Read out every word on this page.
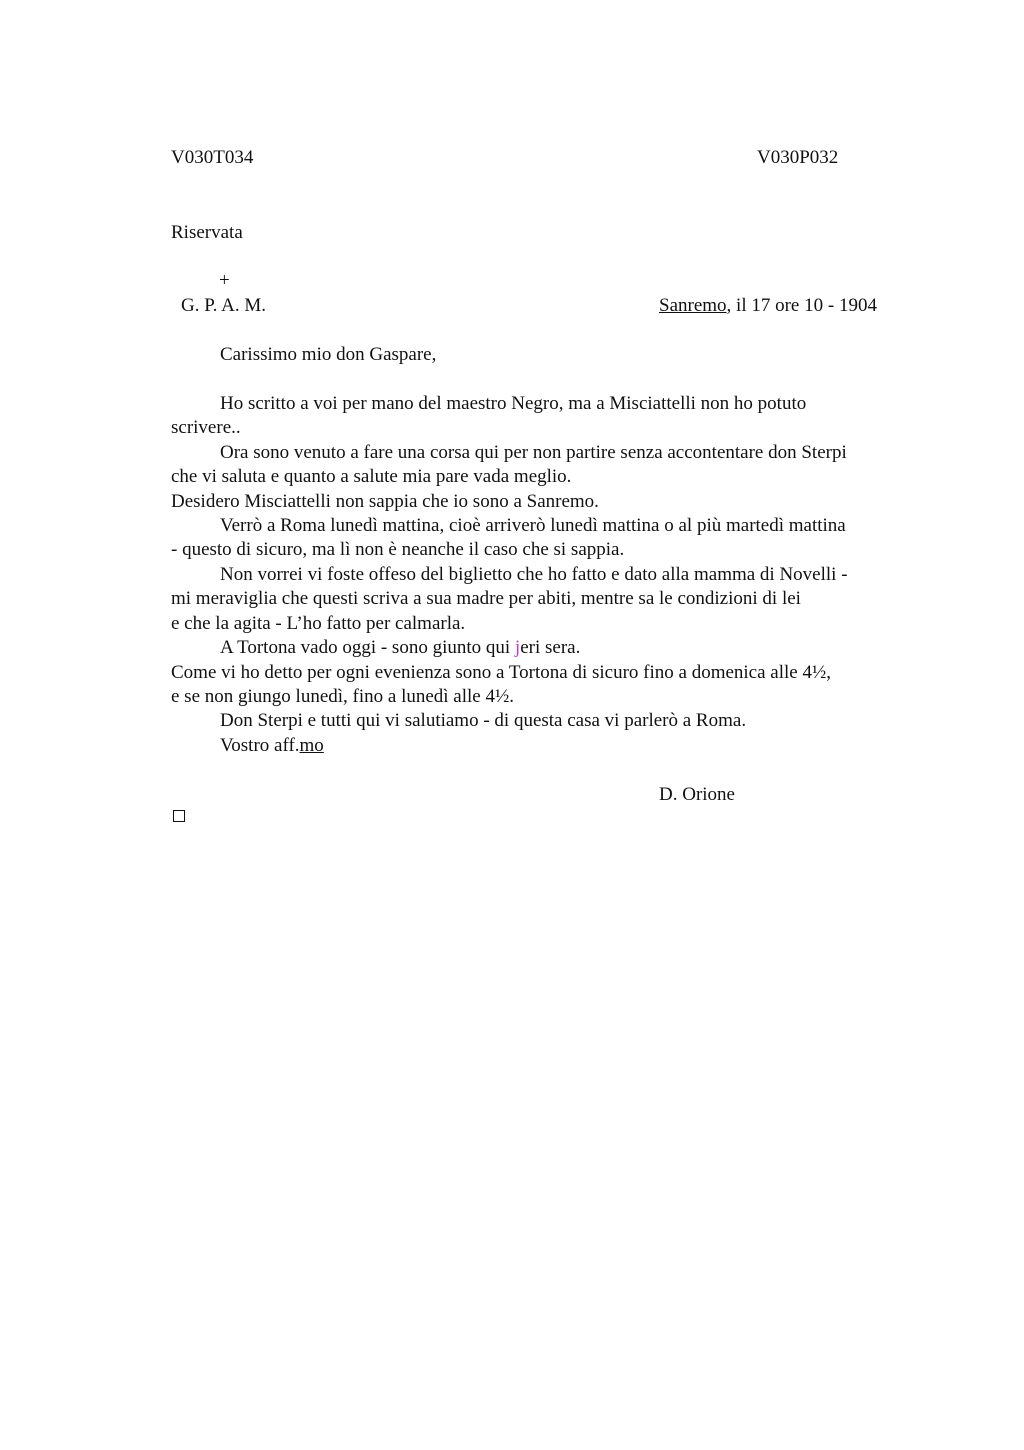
V030T034	V030P032
Riservata
+
G. P. A. M.	Sanremo, il 17 ore 10 - 1904
Carissimo mio don Gaspare,
Ho scritto a voi per mano del maestro Negro, ma a Misciattelli non ho potuto
scrivere..
Ora sono venuto a fare una corsa qui per non partire senza accontentare don Sterpi
che vi saluta e quanto a salute mia pare vada meglio.
Desidero Misciattelli non sappia che io sono a Sanremo.
Verrò a Roma lunedì mattina, cioè arriverò lunedì mattina o al più martedì mattina
- questo di sicuro, ma lì non è neanche il caso che si sappia.
Non vorrei vi foste offeso del biglietto che ho fatto e dato alla mamma di Novelli -
mi meraviglia che questi scriva a sua madre per abiti, mentre sa le condizioni di lei
e che la agita - L’ho fatto per calmarla.
A Tortona vado oggi - sono giunto qui jeri sera.
Come vi ho detto per ogni evenienza sono a Tortona di sicuro fino a domenica alle 4½,
e se non giungo lunedì, fino a lunedì alle 4½.
Don Sterpi e tutti qui vi salutiamo - di questa casa vi parlerò a Roma.
Vostro aff.mo
D. Orione
